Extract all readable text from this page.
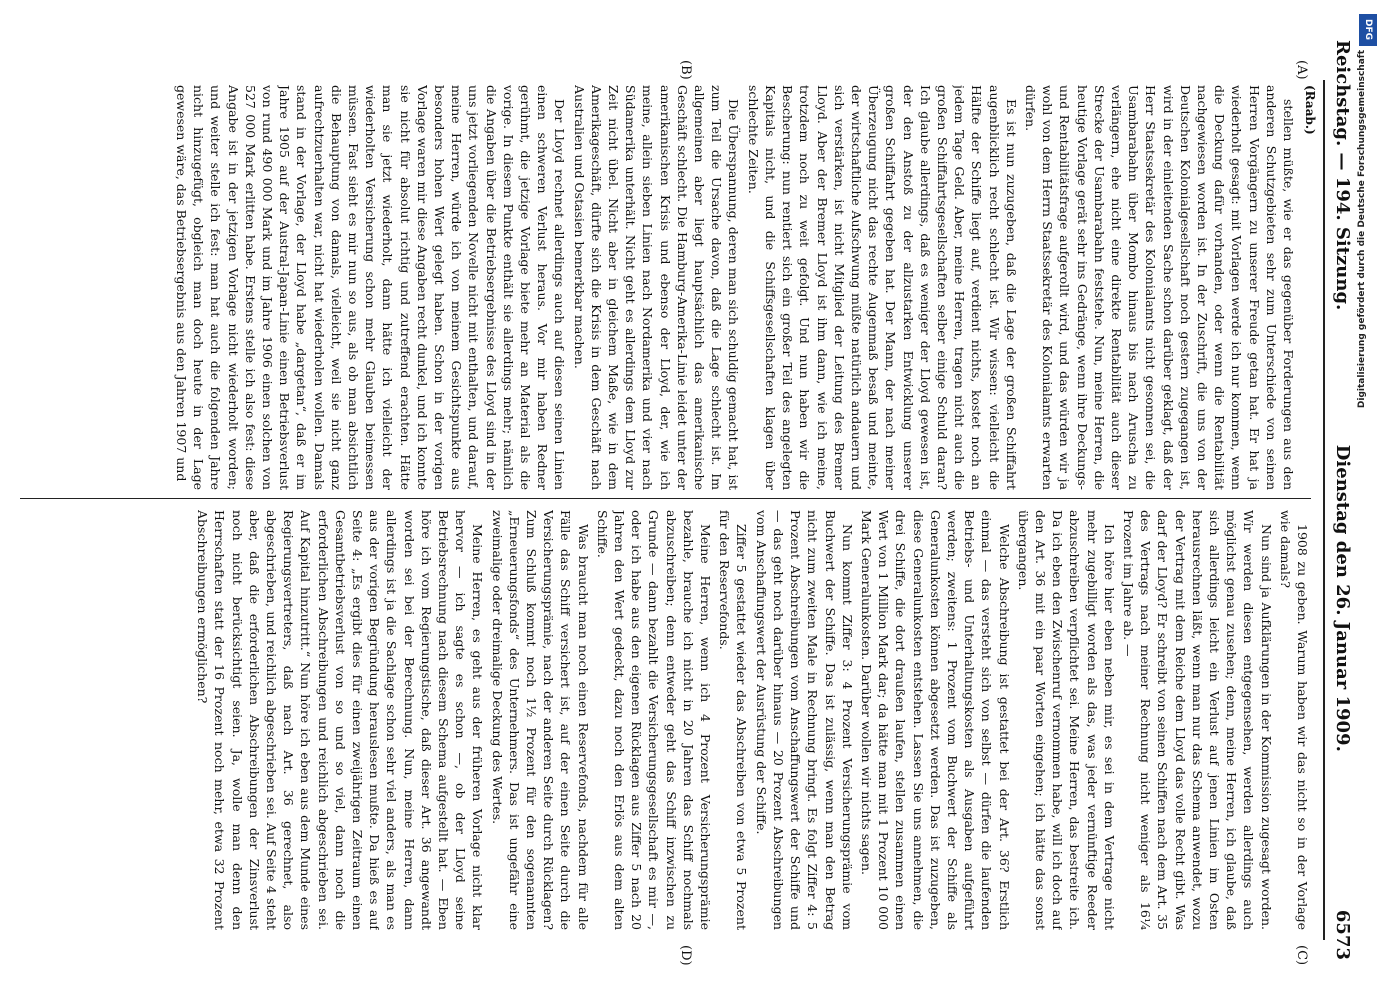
Reichstag. — 194. Sitzung.
Dienstag den 26. Januar 1909.
6573
(Raab.)
(A)
(B)
(C)
(D)

stellen müßte, wie er das gegenüber Forderungen aus den anderen Schutzgebieten sehr zum Unterschiede von seinen Herren Vorgängern zu unserer Freude getan hat. Er hat ja wiederholt gesagt: mit Vorlagen werde ich nur kommen, wenn die Deckung dafür vorhanden, oder wenn die Rentabilität nachgewiesen worden ist. In der Zuschrift, die uns von der Deutschen Kolonialgesellschaft noch gestern zugegangen ist, wird in der einleitenden Sache schon darüber geklagt, daß der Herr Staatssekretär des Kolonialamts nicht gesonnen sei, die Usambarabahn über Mombo hinaus bis nach Aruscha zu verlängern, ehe nicht eine direkte Rentabilität auch dieser Strecke der Usambarabahn feststehe. Nun, meine Herren, die heutige Vorlage gerät sehr ins Gedränge, wenn ihre Deckungs- und Rentabilitätsfrage aufgerollt wird, und das würden wir ja wohl von dem Herrn Staatssekretär des Kolonialamts erwarten dürfen.

Es ist nun zuzugeben, daß die Lage der großen Schiffahrt augenblicklich recht schlecht ist. Wir wissen: vielleicht die Hälfte der Schiffe liegt auf, verdient nichts, kostet noch an jedem Tage Geld. Aber, meine Herren, tragen nicht auch die großen Schiffahrtsgesellschaften selber einige Schuld daran? Ich glaube allerdings, daß es weniger der Lloyd gewesen ist, der den Anstoß zu der allzustarken Entwicklung unserer großen Schiffahrt gegeben hat. Der Mann, der nach meiner Überzeugung nicht das rechte Augenmaß besaß und meinte, der wirtschaftliche Aufschwung müßte natürlich andauern und sich verstärken, ist nicht Mitglied der Leitung des Bremer Lloyd. Aber der Bremer Lloyd ist ihm dann, wie ich meine, trotzdem noch zu weit gefolgt. Und nun haben wir die Bescherung: nun rentiert sich ein großer Teil des angelegten Kapitals nicht, und die Schiffsgesellschaften klagen über schlechte Zeiten.

Die Überspannung, deren man sich schuldig gemacht hat, ist zum Teil die Ursache davon, daß die Lage schlecht ist. Im allgemeinen aber liegt hauptsächlich das amerikanische Geschäft schlecht. Die Hamburg-Amerika-Linie leidet unter der amerikanischen Krisis und ebenso der Lloyd, der, wie ich meine, allein sieben Linien nach Nordamerika und vier nach Südamerika unterhält. Nicht geht es allerdings dem Lloyd zur Zeit nicht übel. Nicht aber in gleichem Maße, wie in dem Amerikageschäft, dürfte sich die Krisis in dem Geschäft nach Australien und Ostasien bemerkbar machen.

Der Lloyd rechnet allerdings auch auf diesen seinen Linien einen schweren Verlust heraus. Vor mir haben Redner gerühmt, die jetzige Vorlage biete mehr an Material als die vorige. In diesem Punkte enthält sie allerdings mehr; nämlich die Angaben über die Betriebsergebnisse des Lloyd sind in der uns jetzt vorliegenden Novelle nicht mit enthalten, und darauf, meine Herren, würde ich von meinem Gesichtspunkte aus besonders hohen Wert gelegt haben. Schon in der vorigen Vorlage waren mir diese Angaben recht dunkel, und ich konnte sie nicht für absolut richtig und zutreffend erachten. Hätte man sie jetzt wiederholt, dann hätte ich vielleicht der wiederholten Versicherung schon mehr Glauben beimessen müssen. Fast sieht es mir nun so aus, als ob man absichtlich die Behauptung von damals, vielleicht, weil sie nicht ganz aufrechtzuerhalten war, nicht hat wiederholen wollen. Damals stand in der Vorlage, der Lloyd habe „dargetan“, daß er im Jahre 1905 auf der Austral-Japan-Linie einen Betriebsverlust von rund 490 000 Mark und im Jahre 1906 einen solchen von 527 000 Mark erlitten habe. Erstens stelle ich also fest: diese Angabe ist in der jetzigen Vorlage nicht wiederholt worden; und weiter stelle ich fest: man hat auch die folgenden Jahre nicht hinzugefügt, obgleich man doch heute in der Lage gewesen wäre, das Betriebsergebnis aus den Jahren 1907 und

1908 zu geben. Warum haben wir das nicht so in der Vorlage wie damals?

Nun sind ja Aufklärungen in der Kommission zugesagt worden. Wir werden diesen entgegensehen, werden allerdings auch möglichst genau zusehen; denn, meine Herren, ich glaube, daß sich allerdings leicht ein Verlust auf jenen Linien im Osten herausrechnen läßt, wenn man nur das Schema anwendet, wozu der Vertrag mit dem Reiche dem Lloyd das volle Recht gibt. Was darf der Lloyd? Er schreibt von seinen Schiffen nach dem Art. 35 des Vertrags nach meiner Rechnung nicht weniger als 16¼ Prozent im Jahre ab. —

Ich höre hier eben neben mir, es sei in dem Vertrage nicht mehr zugebilligt worden als das, was jeder vernünftige Reeder abzuschreiben verpflichtet sei. Meine Herren, das bestreite ich. Da ich eben den Zwischenruf vernommen habe, will ich doch auf den Art. 36 mit ein paar Worten eingehen; ich hätte das sonst übergangen.

Welche Abschreibung ist gestattet bei der Art. 36? Erstlich einmal — das versteht sich von selbst — dürfen die laufenden Betriebs- und Unterhaltungskosten als Ausgaben aufgeführt werden; zweitens: 1 Prozent vom Buchwert der Schiffe als Generalunkosten können abgesetzt werden. Das ist zuzugeben, diese Generalunkosten entstehen. Lassen Sie uns annehmen, die drei Schiffe, die dort draußen laufen, stellen zusammen einen Wert von 1 Million Mark dar; da hätte man mit 1 Prozent 10 000 Mark Generalunkosten. Darüber wollen wir nichts sagen.

Nun kommt Ziffer 3: 4 Prozent Versicherungsprämie vom Buchwert der Schiffe. Das ist zulässig, wenn man den Betrag nicht zum zweiten Male in Rechnung bringt. Es folgt Ziffer 4: 5 Prozent Abschreibungen vom Anschaffungswert der Schiffe und — das geht noch darüber hinaus — 20 Prozent Abschreibungen vom Anschaffungswert der Ausrüstung der Schiffe.

Ziffer 5 gestattet wieder das Abschreiben von etwa 5 Prozent für den Reservefonds.

Meine Herren, wenn ich 4 Prozent Versicherungsprämie bezahle, brauche ich nicht in 20 Jahren das Schiff nochmals abzuschreiben; denn entweder geht das Schiff inzwischen zu Grunde — dann bezahlt die Versicherungsgesellschaft es mir —, oder ich habe aus den eigenen Rücklagen aus Ziffer 5 nach 20 Jahren den Wert gedeckt, dazu noch den Erlös aus dem alten Schiffe.

Was braucht man noch einen Reservefonds, nachdem für alle Fälle das Schiff versichert ist, auf der einen Seite durch die Versicherungsprämie, nach der anderen Seite durch Rücklagen? Zum Schluß kommt noch 1½ Prozent für den sogenannten „Erneuerungsfonds“ des Unternehmers. Das ist ungefähr eine zweimalige oder dreimalige Deckung des Wertes.

Meine Herren, es geht aus der früheren Vorlage nicht klar hervor — ich sagte es schon —, ob der Lloyd seine Betriebsrechnung nach diesem Schema aufgestellt hat. — Eben höre ich vom Regierungstische, daß dieser Art. 36 angewandt worden sei bei der Berechnung. Nun, meine Herren, dann allerdings ist ja die Sachlage schon sehr viel anders, als man es aus der vorigen Begründung herauslesen mußte. Da hieß es auf Seite 4: „Es ergibt dies für einen zweijährigen Zeitraum einen Gesamtbetriebsverlust von so und so viel, dann noch die erforderlichen Abschreibungen und reichlich abgeschrieben sei. Auf Kapital hinzutritt.“ Nun höre ich eben aus dem Munde eines Regierungsvertreters, daß nach Art. 36 gerechnet, also abgeschrieben, und reichlich abgeschrieben sei. Auf Seite 4 steht aber, daß die erforderlichen Abschreibungen der Zinsverlust noch nicht berücksichtigt seien. Ja, wolle man denn den Herrschaften statt der 16 Prozent noch mehr, etwa 32 Prozent Abschreibungen ermöglichen?

DFG
Digitalisierung gefördert durch die Deutsche Forschungsgemeinschaft
